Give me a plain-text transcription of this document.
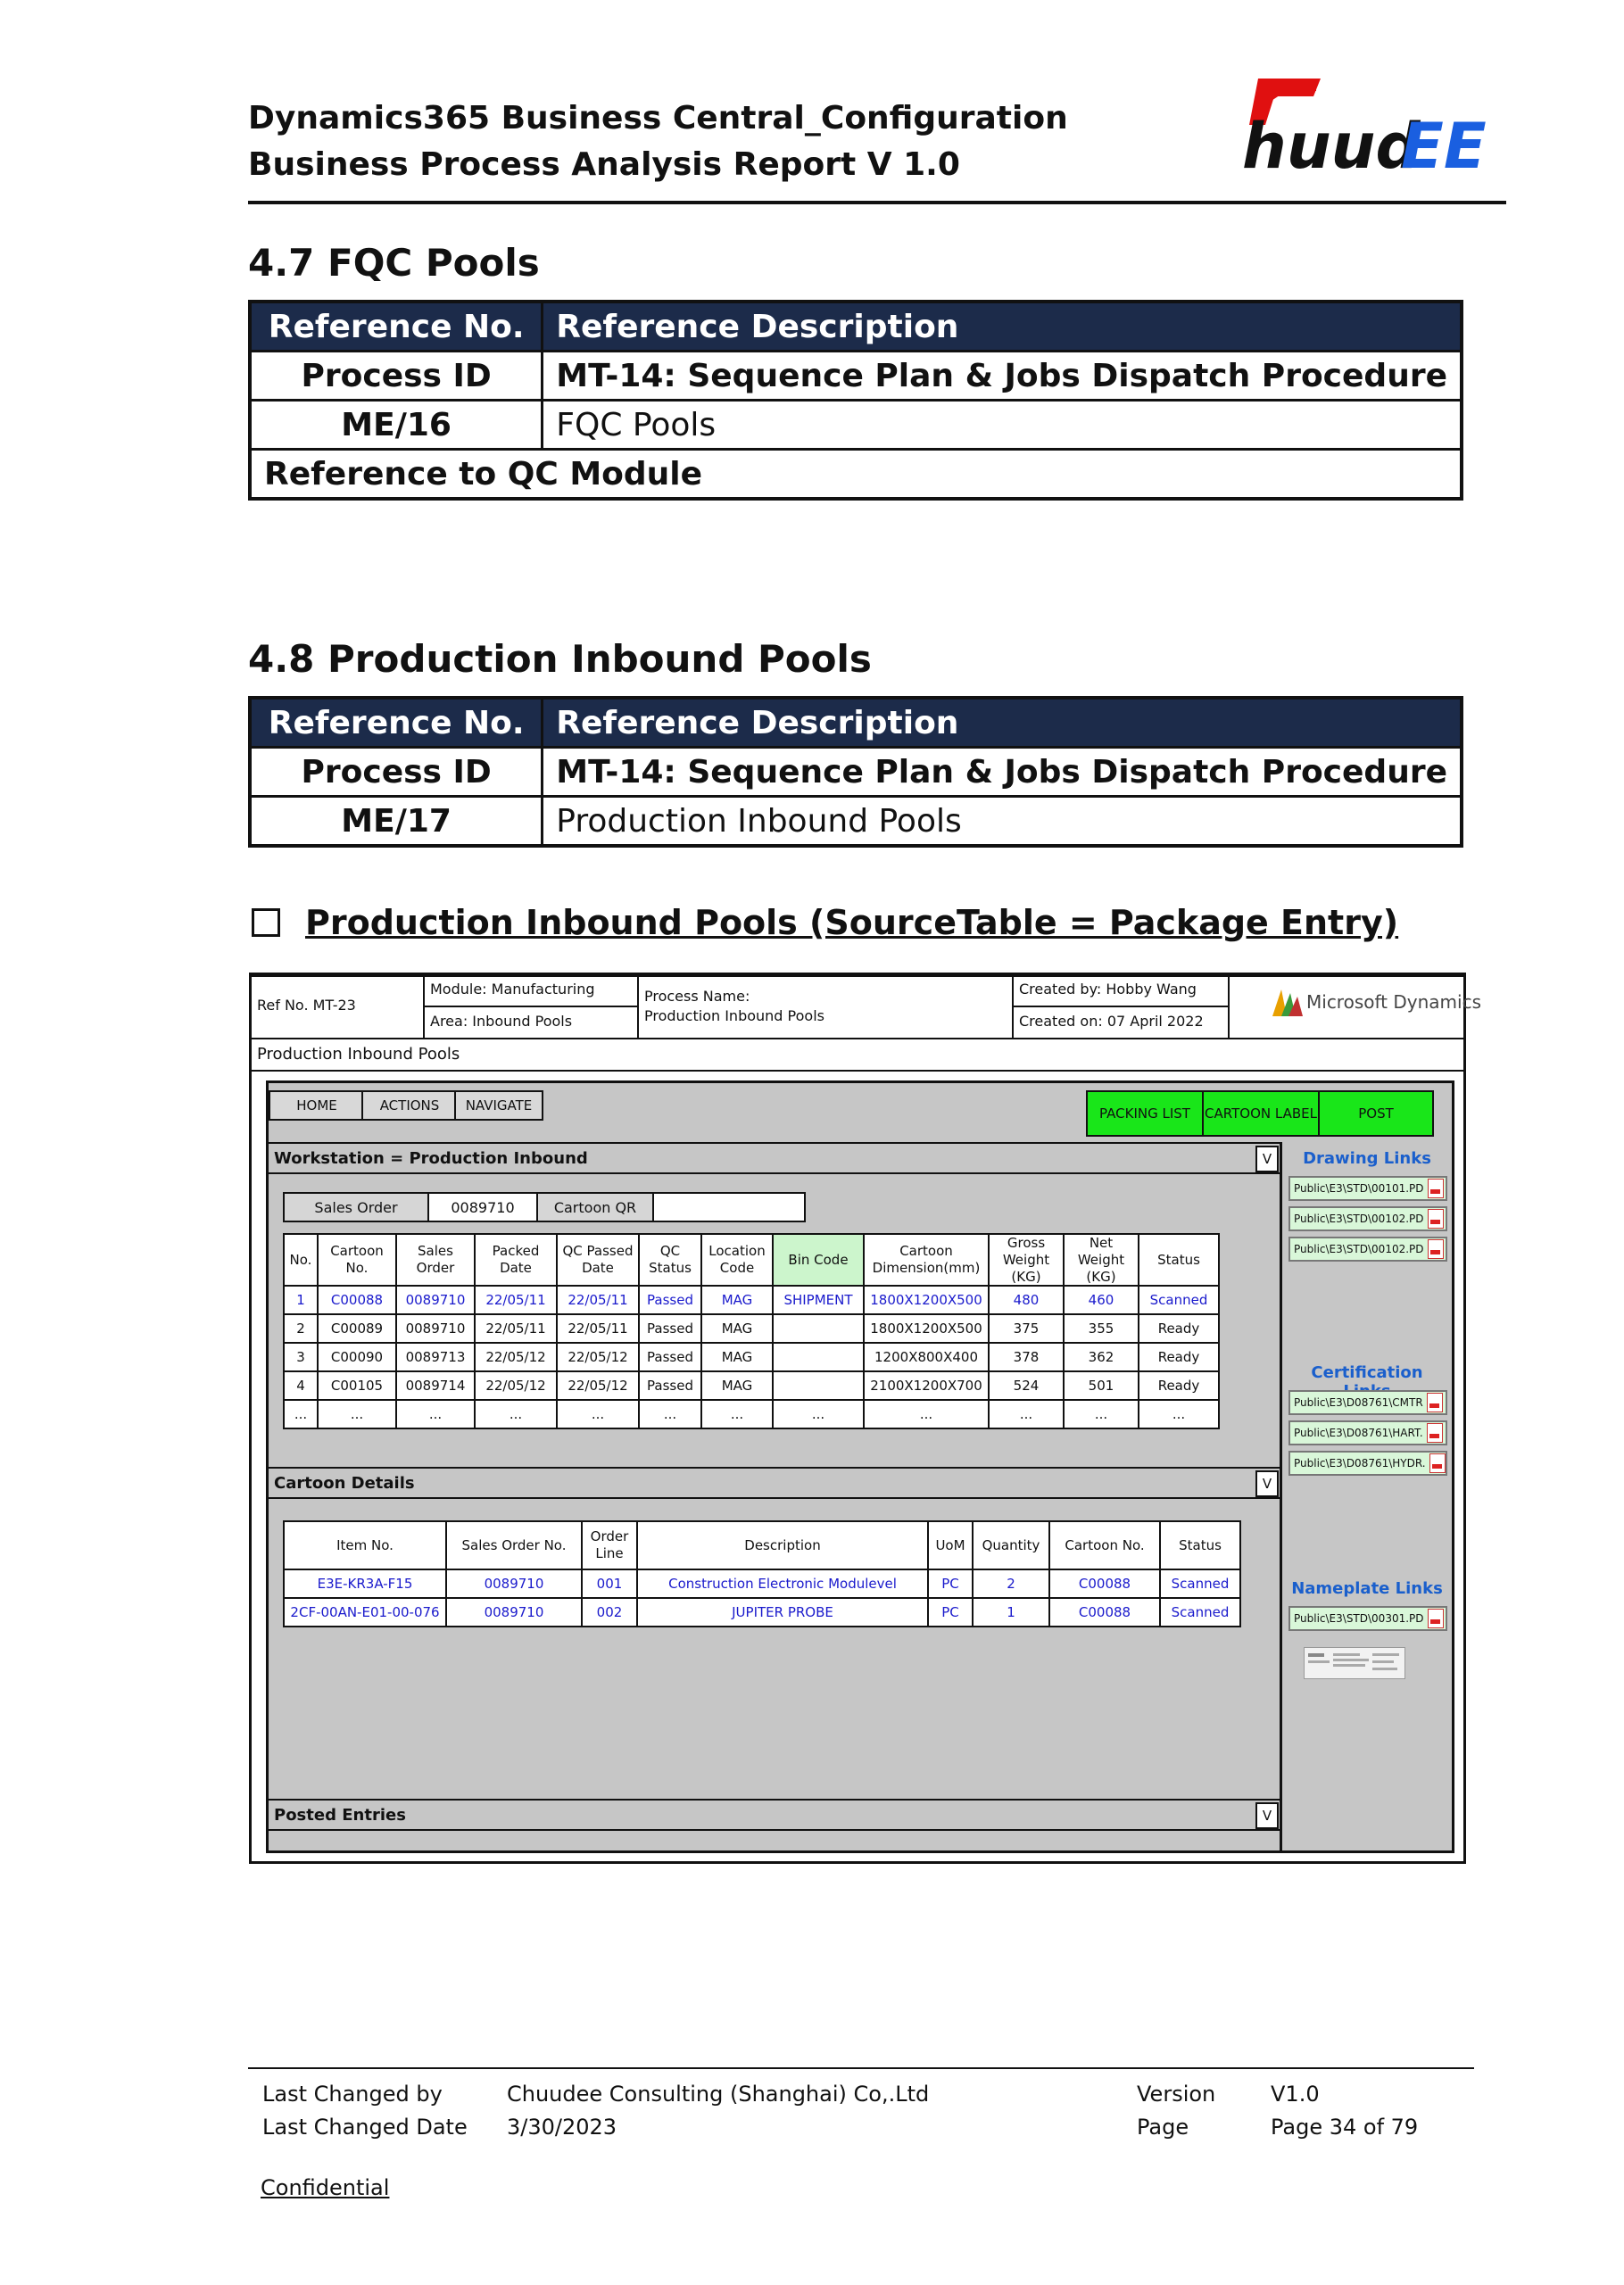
Dynamics365 Business Central_Configuration
Business Process Analysis Report V 1.0	huud
EE
4.7 FQC Pools
Reference No.	Reference Description
Process ID	MT-14: Sequence Plan & Jobs Dispatch Procedure
ME/16	FQC Pools
Reference to QC Module	
4.8 Production Inbound Pools
Reference No.	Reference Description
Process ID	MT-14: Sequence Plan & Jobs Dispatch Procedure
ME/17	Production Inbound Pools
Production Inbound Pools (SourceTable = Package Entry)
Ref No. MT-23
Module: Manufacturing
Area: Inbound Pools
Process Name:
Production Inbound Pools
Created by: Hobby Wang
Created on: 07 April 2022
Microsoft Dynamics
Production Inbound Pools
HOME	ACTIONS	NAVIGATE	PACKING LIST	CARTOON LABEL	POST
Workstation = Production Inbound	V
Sales Order	0089710	Cartoon QR	
No.	Cartoon No.	Sales Order	Packed Date	QC Passed Date	QC Status	Location Code	Bin Code	Cartoon Dimension(mm)	Gross Weight (KG)	Net Weight (KG)	Status
1	C00088	0089710	22/05/11	22/05/11	Passed	MAG	SHIPMENT	1800X1200X500	480	460	Scanned
2	C00089	0089710	22/05/11	22/05/11	Passed	MAG		1800X1200X500	375	355	Ready
3	C00090	0089713	22/05/12	22/05/12	Passed	MAG		1200X800X400	378	362	Ready
4	C00105	0089714	22/05/12	22/05/12	Passed	MAG		2100X1200X700	524	501	Ready
...	...	...	...	...	...	...	...	...	...	...	...
Cartoon Details	V
Item No.	Sales Order No.	Order Line	Description	UoM	Quantity	Cartoon No.	Status
E3E-KR3A-F15	0089710	001	Construction Electronic Modulevel	PC	2	C00088	Scanned
2CF-00AN-E01-00-076	0089710	002	JUPITER PROBE	PC	1	C00088	Scanned
Posted Entries	V
Drawing Links
Public\E3\STD\00101.PD
Public\E3\STD\00102.PD
Public\E3\STD\00102.PD
Certification
Public\E3\D08761\CMTR
Public\E3\D08761\HART.
Public\E3\D08761\HYDR.
Nameplate Links
Public\E3\STD\00301.PD
Last Changed by	Chuudee Consulting (Shanghai) Co,.Ltd	Version	V1.0
Last Changed Date 3/30/2023	Page	Page 34 of 79
Confidential
